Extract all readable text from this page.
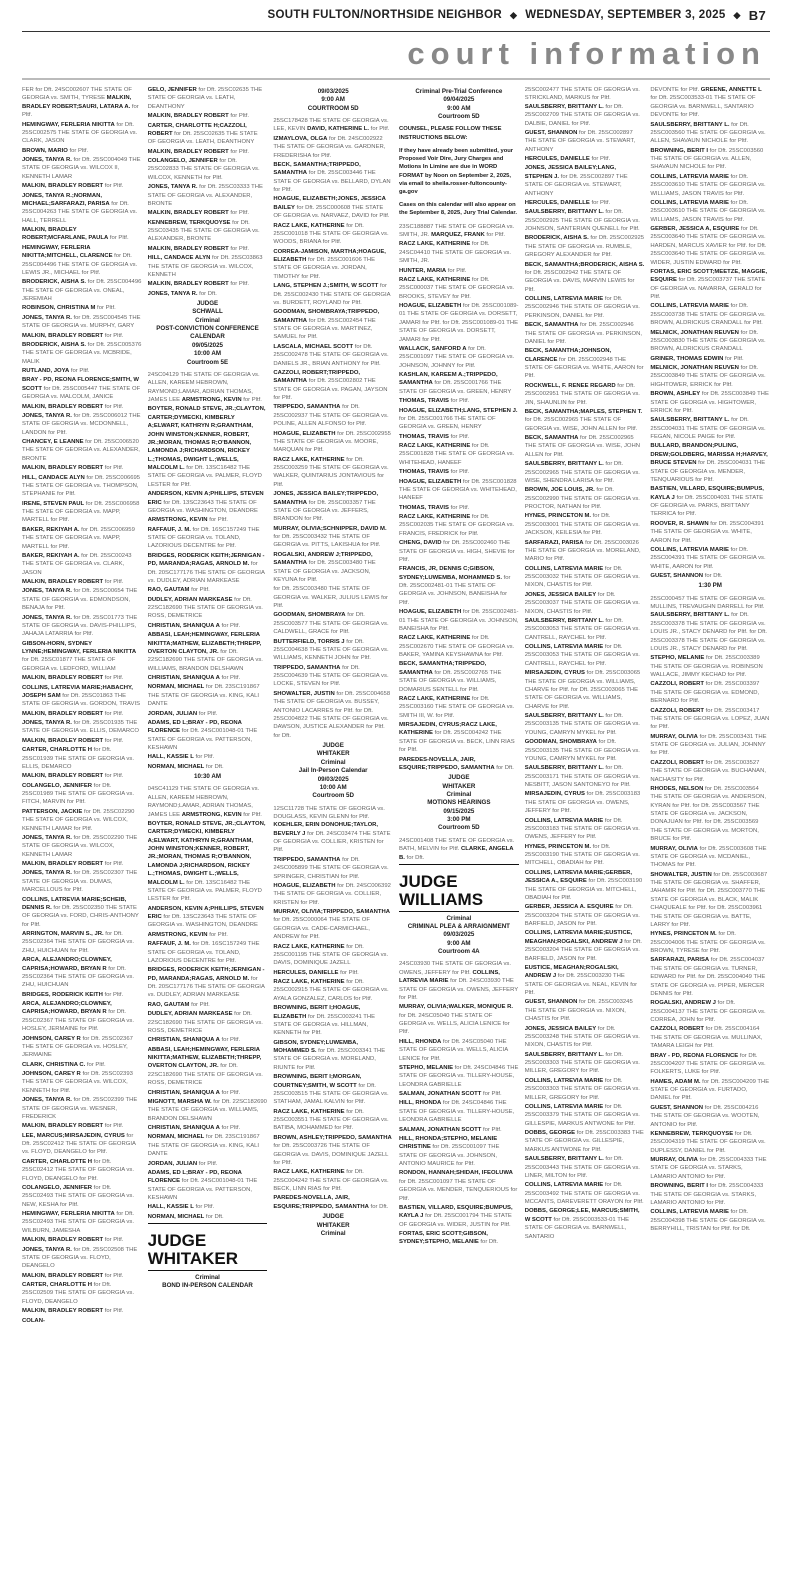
SOUTH FULTON/NORTHSIDE NEIGHBOR ◆ WEDNESDAY, SEPTEMBER 3, 2025 ◆ B7
court information

FER for Dft. 24SC002607 THE STATE OF GEORGIA vs. SMITH, TYRESE MALKIN, BRADLEY ROBERT;SAURI, LATARA A. for Pltf.

HEMINGWAY, FERLERIA NIKITTA for Dft. 25SC002575 THE STATE OF GEORGIA vs. CLARK, JASON

BROWN, MARIO for Pltf.

JONES, TANYA R. for Dft. 25SC004049 THE STATE OF GEORGIA vs. WILCOX II, KENNETH LAMAR

MALKIN, BRADLEY ROBERT for Pltf.

JONES, TANYA R.;NORMAN, MICHAEL;SARFARAZI, PARISA for Dft. 25SC004263 THE STATE OF GEORGIA vs. HALL, TERRELL

MALKIN, BRADLEY ROBERT;MCFARLANE, PAULA for Pltf.

HEMINGWAY, FERLERIA NIKITTA;MITCHELL, CLARENCE for Dft. 25SC004496 THE STATE OF GEORGIA vs. LEWIS JR., MICHAEL for Pltf.

BRODERICK, AISHA S. for Dft. 25SC004496 THE STATE OF GEORGIA vs. ONEAL, JEREMIAH

ROBINSON, CHRISTINA M for Pltf.

JONES, TANYA R. for Dft. 25SC004545 THE STATE OF GEORGIA vs. MURPHY, GARY

MALKIN, BRADLEY ROBERT for Pltf.

BRODERICK, AISHA S. for Dft. 25SC005376 THE STATE OF GEORGIA vs. MCBRIDE, MALIK

RUTLAND, JOYA for Pltf.

BRAY - PD, REONA FLORENCE;SMITH, W SCOTT for Dft. 25SC005447 THE STATE OF GEORGIA vs. MALCOLM, JANICE

MALKIN, BRADLEY ROBERT for Pltf.

JONES, TANYA R. for Dft. 25SC006012 THE STATE OF GEORGIA vs. MCDONNELL, LANDON for Pltf.

CHANCEY, E LEANNE for Dft. 25SC006520 THE STATE OF GEORGIA vs. ALEXANDER, BRONTE

MALKIN, BRADLEY ROBERT for Pltf.

HILL, CANDACE ALYN for Dft. 25SC006695 THE STATE OF GEORGIA vs. THOMPSON, STEPHANIE for Pltf.

IRENE, STEVEN PAUL for Dft. 25SC006958 THE STATE OF GEORGIA vs. MAPP, MARTELL for Pltf.

BAKER, REKIYAH A. for Dft. 25SC006959 THE STATE OF GEORGIA vs. MAPP, MARTELL for Pltf.

BAKER, REKIYAH A. for Dft. 25SC00243 THE STATE OF GEORGIA vs. CLARK, JASON

MALKIN, BRADLEY ROBERT for Pltf.

JONES, TANYA R. for Dft. 25SC00654 THE STATE OF GEORGIA vs. EDMONDSON, BENAJA for Pltf.

JONES, TANYA R. for Dft. 25SC01773 THE STATE OF GEORGIA vs. DAVIS-PHILLIPS, JAHAJA LATARRIA for Pltf.

GIBSON-HORN, SYDNEY LYNNE;HEMINGWAY, FERLERIA NIKITTA for Dft. 25SC01877 THE STATE OF GEORGIA vs. LEDFORD, WILLIAM

MALKIN, BRADLEY ROBERT for Pltf.

COLLINS, LATREVIA MARIE;HABACHY, JOSEPH SAM for Dft. 25SC01863 THE STATE OF GEORGIA vs. GORDON, TRAVIS

MALKIN, BRADLEY ROBERT for Pltf.

JONES, TANYA R. for Dft. 25SC01935 THE STATE OF GEORGIA vs. ELLIS, DEMARCO

MALKIN, BRADLEY ROBERT for Pltf.

CARTER, CHARLOTTE H for Dft. 25SC01939 THE STATE OF GEORGIA vs. ELLIS, DEMARCO

MALKIN, BRADLEY ROBERT for Pltf.

COLANGELO, JENNIFER for Dft. 25SC01989 THE STATE OF GEORGIA vs. FITCH, MARVIN for Pltf.

PATTERSON, JACKIE for Dft. 25SC02290 THE STATE OF GEORGIA vs. WILCOX, KENNETH LAMAR for Pltf.

JONES, TANYA R. for Dft. 25SC02290 THE STATE OF GEORGIA vs. WILCOX, KENNETH LAMAR

MALKIN, BRADLEY ROBERT for Pltf.

JONES, TANYA R. for Dft. 25SC02307 THE STATE OF GEORGIA vs. DUMAS, MARCELLOUS for Pltf.

COLLINS, LATREVIA MARIE;SCHEIB, DENNIS R. for Dft. 25SC02350 THE STATE OF GEORGIA vs. FORD, CHRIS-ANTHONY for Pltf.

ARRINGTON, MARVIN S., JR. for Dft. 25SC02364 THE STATE OF GEORGIA vs. ZHU, HUICHUAN for Pltf.

ARCA, ALEJANDRO;CLOWNEY, CAPRISA;HOWARD, BRYAN R for Dft. 25SC02364 THE STATE OF GEORGIA vs. ZHU, HUICHUAN

BRIDGES, RODERICK KEITH for Pltf.

ARCA, ALEJANDRO;CLOWNEY, CAPRISA;HOWARD, BRYAN R for Dft. 25SC02367 THE STATE OF GEORGIA vs. HOSLEY, JERMAINE for Pltf.

JOHNSON, CAREY R for Dft. 25SC02367 THE STATE OF GEORGIA vs. HOSLEY, JERMAINE

CLARK, CHRISTINA C. for Pltf.

JOHNSON, CAREY R for Dft. 25SC02393 THE STATE OF GEORGIA vs. WILCOX, KENNETH for Pltf.

JONES, TANYA R. for Dft. 25SC02399 THE STATE OF GEORGIA vs. WESNER, FREDERICK

MALKIN, BRADLEY ROBERT for Pltf.

LEE, MARCUS;MIRSAJEDIN, CYRUS for Dft. 25SC02412 THE STATE OF GEORGIA vs. FLOYD, DEANGELO for Pltf.

CARTER, CHARLOTTE H for Dft. 25SC02412 THE STATE OF GEORGIA vs. FLOYD, DEANGELO for Pltf.

COLANGELO, JENNIFER for Dft. 25SC02493 THE STATE OF GEORGIA vs. NEW, KESHA for Pltf.

HEMINGWAY, FERLERIA NIKITTA for Dft. 25SC02493 THE STATE OF GEORGIA vs. WILBURN, JAMESHA

MALKIN, BRADLEY ROBERT for Pltf.

JONES, TANYA R. for Dft. 25SC02508 THE STATE OF GEORGIA vs. FLOYD, DEANGELO

MALKIN, BRADLEY ROBERT for Pltf.

CARTER, CHARLOTTE H for Dft. 25SC02509 THE STATE OF GEORGIA vs. FLOYD, DEANGELO

MALKIN, BRADLEY ROBERT for Pltf.

COLAN-

GELO, JENNIFER for Dft. 25SC02635 THE STATE OF GEORGIA vs. LEATH, DEANTHONY

MALKIN, BRADLEY ROBERT for Pltf.

CARTER, CHARLOTTE H;CAZZOLI, ROBERT for Dft. 25SC02635 THE STATE OF GEORGIA vs. LEATH, DEANTHONY

MALKIN, BRADLEY ROBERT for Pltf.

COLANGELO, JENNIFER for Dft. 25SC02833 THE STATE OF GEORGIA vs. WILCOX, KENNETH for Pltf.

JONES, TANYA R. for Dft. 25SC03333 THE STATE OF GEORGIA vs. ALEXANDER, BRONTE

MALKIN, BRADLEY ROBERT for Pltf.

KENNEBREW, TERKQUOYSE for Dft. 25SC03435 THE STATE OF GEORGIA vs. ALEXANDER, BRONTE

MALKIN, BRADLEY ROBERT for Pltf.

HILL, CANDACE ALYN for Dft. 25SC03863 THE STATE OF GEORGIA vs. WILCOX, KENNETH

MALKIN, BRADLEY ROBERT for Pltf.

JONES, TANYA R. for Dft.

JUDGE
SCHWALL
Criminal
POST-CONVICTION CONFERENCE
CALENDAR
09/05/2025
10:00 AM
Courtroom 5E

24SC04129 THE STATE OF GEORGIA vs. ALLEN, KAREEM HEBROWN, RAYMOND;LAMAR, ADRIAN THOMAS, JAMES LEE ARMSTRONG, KEVIN for Pltf.

BOYTER, RONALD STEVE, JR.;CLAYTON, CARTER;DYMECKI, KIMBERLY A;ELWART, KATHRYN R;GRANTHAM, JOHN WINSTON;KENNER, ROBERT, JR.;MORAN, THOMAS R;O'BANNON, LAMONDA J;RICHARDSON, RICKEY L.;THOMAS, DWIGHT L.;WELLS, MALCOLM L. for Dft. 13SC16482 THE STATE OF GEORGIA vs. PALMER, FLOYD LESTER for Pltf.

ANDERSON, KEVIN A;PHILLIPS, STEVEN ERIC for Dft. 13SC23643 THE STATE OF GEORGIA vs. WASHINGTON, DEANDRE

ARMSTRONG, KEVIN for Pltf.

RAFFAUF, J. M. for Dft. 16SC157249 THE STATE OF GEORGIA vs. TOLAND, LAZORIOUS DECENTRE for Pltf.

BRIDGES, RODERICK KEITH;JERNIGAN - PD, MARANDA;RAGAS, ARNOLD M. for Dft. 20SC177176 THE STATE OF GEORGIA vs. DUDLEY, ADRIAN MARKEASE

RAO, GAUTAM for Pltf.

DUDLEY, ADRIAN MARKEASE for Dft. 22SC182690 THE STATE OF GEORGIA vs. ROSS, DEMETRICE

CHRISTIAN, SHANIQUA A for Pltf.

ABBASI, LEAH;HEMINGWAY, FERLERIA NIKITTA;MATHEW, ELIZABETH;THREPP, OVERTON CLAYTON, JR. for Dft. 22SC182690 THE STATE OF GEORGIA vs. WILLIAMS, BRANDON DELSHAWN

CHRISTIAN, SHANIQUA A for Pltf.

NORMAN, MICHAEL for Dft. 23SC191867 THE STATE OF GEORGIA vs. KING, KALI DANTE

JORDAN, JULIAN for Pltf.

ADAMS, ED L;BRAY - PD, REONA FLORENCE for Dft. 24SC001048-01 THE STATE OF GEORGIA vs. PATTERSON, KESHAWN

HALL, KASSIE L for Pltf.

NORMAN, MICHAEL for Dft.

10:30 AM

04SC41129 THE STATE OF GEORGIA vs. ALLEN, KAREEM HEBROWN, RAYMOND;LAMAR, ADRIAN THOMAS, JAMES LEE ARMSTRONG, KEVIN for Pltf.

BOYTER, RONALD STEVE, JR.;CLAYTON, CARTER;DYMECKI, KIMBERLY A;ELWART, KATHRYN R;GRANTHAM, JOHN WINSTON;KENNER, ROBERT, JR.;MORAN, THOMAS R;O'BANNON, LAMONDA J;RICHARDSON, RICKEY L.;THOMAS, DWIGHT L.;WELLS, MALCOLM L. for Dft. 13SC16482 THE STATE OF GEORGIA vs. PALMER, FLOYD LESTER for Pltf.

ANDERSON, KEVIN A;PHILLIPS, STEVEN ERIC for Dft. 13SC23643 THE STATE OF GEORGIA vs. WASHINGTON, DEANDRE

ARMSTRONG, KEVIN for Pltf.

RAFFAUF, J. M. for Dft. 16SC157249 THE STATE OF GEORGIA vs. TOLAND, LAZORIOUS DECENTRE for Pltf.

BRIDGES, RODERICK KEITH;JERNIGAN - PD, MARANDA;RAGAS, ARNOLD M. for Dft. 20SC177176 THE STATE OF GEORGIA vs. DUDLEY, ADRIAN MARKEASE

RAO, GAUTAM for Pltf.

DUDLEY, ADRIAN MARKEASE for Dft. 22SC182690 THE STATE OF GEORGIA vs. ROSS, DEMETRICE

CHRISTIAN, SHANIQUA A for Pltf.

ABBASI, LEAH;HEMINGWAY, FERLERIA NIKITTA;MATHEW, ELIZABETH;THREPP, OVERTON CLAYTON, JR. for Dft. 22SC182690 THE STATE OF GEORGIA vs. ROSS, DEMETRICE

CHRISTIAN, SHANIQUA A for Pltf.

MIGNOTT, MARSHA W. for Dft. 22SC182690 THE STATE OF GEORGIA vs. WILLIAMS, BRANDON DELSHAWN

CHRISTIAN, SHANIQUA A for Pltf.

NORMAN, MICHAEL for Dft. 23SC191867 THE STATE OF GEORGIA vs. KING, KALI DANTE

JORDAN, JULIAN for Pltf.

ADAMS, ED L;BRAY - PD, REONA FLORENCE for Dft. 24SC001048-01 THE STATE OF GEORGIA vs. PATTERSON, KESHAWN

HALL, KASSIE L for Pltf.

NORMAN, MICHAEL for Dft.

JUDGE
WHITAKER
Criminal
BOND IN-PERSON CALENDAR
09/03/2025
9:00 AM
COURTROOM 5D

25SC178428 THE STATE OF GEORGIA vs. LEE, KEVIN DAVID, KATHERINE L. for Pltf.

IZMAYLOVA, OLGA for Dft. 24SC002922 THE STATE OF GEORGIA vs. GARDNER, FREDERISHA for Pltf.

BECK, SAMANTHA;TRIPPEDO, SAMANTHA for Dft. 25SC003446 THE STATE OF GEORGIA vs. BELLARD, DYLAN for Pltf.

HOAGUE, ELIZABETH;JONES, JESSICA BAILEY for Dft. 25SC000608 THE STATE OF GEORGIA vs. NARVAEZ, DAVID for Pltf.

RACZ LAKE, KATHERINE for Dft. 25SC001018 THE STATE OF GEORGIA vs. WOODS, BRIANA for Pltf.

CORREA-JAMISON, MARTHA;HOAGUE, ELIZABETH for Dft. 25SC001606 THE STATE OF GEORGIA vs. JORDAN, TIMOTHY for Pltf.

LANG, STEPHEN J.;SMITH, W SCOTT for Dft. 25SC002430 THE STATE OF GEORGIA vs. BURDETT, ROYLAND for Pltf.

GOODMAN, SHOMBRAYA;TRIPPEDO, SAMANTHA for Dft. 25SC002454 THE STATE OF GEORGIA vs. MARTINEZ, SAMUEL for Pltf.

LASCALA, MICHAEL SCOTT for Dft. 25SC002478 THE STATE OF GEORGIA vs. DANIELS JR., BRIAN ANTHONY for Pltf.

CAZZOLI, ROBERT;TRIPPEDO, SAMANTHA for Dft. 25SC002802 THE STATE OF GEORGIA vs. PAGAN, JAYSON for Pltf.

TRIPPEDO, SAMANTHA for Dft. 25SC002937 THE STATE OF GEORGIA vs. POLINE, ALLEN ALFONSO for Pltf.

HOAGUE, ELIZABETH for Dft. 25SC002955 THE STATE OF GEORGIA vs. MOORE, MARQUAN for Pltf.

RACZ LAKE, KATHERINE for Dft. 25SC003259 THE STATE OF GEORGIA vs. WALKER, QUINTARIUS JONTAVIOUS for Pltf.

JONES, JESSICA BAILEY;TRIPPEDO, SAMANTHA for Dft. 25SC003357 THE STATE OF GEORGIA vs. JEFFERS, BRANDON for Pltf.

MURRAY, OLIVIA;SCHNIPPER, DAVID M. for Dft. 25SC003432 THE STATE OF GEORGIA vs. PITTS, LAKISHUA for Pltf.

ROGALSKI, ANDREW J;TRIPPEDO, SAMANTHA for Dft. 25SC003480 THE STATE OF GEORGIA vs. JACKSON, KEYUNA for Pltf.

for Dft. 25SC003480 THE STATE OF GEORGIA vs. WALKER, JULIUS LEWIS for Pltf.

GOODMAN, SHOMBRAYA for Dft. 25SC003577 THE STATE OF GEORGIA vs. CALDWELL, GRACE for Pltf.

BUTTERFIELD, TORRIS J for Dft. 25SC004638 THE STATE OF GEORGIA vs. WILLIAMS, KENNETH JOHN for Pltf.

TRIPPEDO, SAMANTHA for Dft. 25SC004639 THE STATE OF GEORGIA vs. LOCKE, STEVEN for Pltf.

SHOWALTER, JUSTIN for Dft. 25SC004658 THE STATE OF GEORGIA vs. BUSSEY, ANTONIO LACARRES for Pltf. for Dft. 25SC004822 THE STATE OF GEORGIA vs. DAWSON, JUSTICE ALEXANDER for Pltf. for Dft.

JUDGE
WHITAKER
Criminal
Jail In-Person Calendar
09/03/2025
10:00 AM
Courtroom 5D

12SC11728 THE STATE OF GEORGIA vs. DOUGLASS, KEVIN GLENN for Pltf. KOEHLER, ERIN DONOHUE;TAYLOR, BEVERLY J for Dft. 24SC03474 THE STATE OF GEORGIA vs. COLLIER, KRISTEN for Pltf.

TRIPPEDO, SAMANTHA for Dft. 24SC005899 THE STATE OF GEORGIA vs. SPRINGER, CHRISTIAN for Pltf.

HOAGUE, ELIZABETH for Dft. 24SC006392 THE STATE OF GEORGIA vs. COLLIER, KRISTEN for Pltf.

MURRAY, OLIVIA;TRIPPEDO, SAMANTHA for Dft. 25SC000064 THE STATE OF GEORGIA vs. CADE-CARMICHAEL, ANDREW for Pltf.

RACZ LAKE, KATHERINE for Dft. 25SC001195 THE STATE OF GEORGIA vs. DAVIS, DOMINIQUE JAZELL

HERCULES, DANIELLE for Pltf.

RACZ LAKE, KATHERINE for Dft. 25SC002915 THE STATE OF GEORGIA vs. AYALA GONZALEZ, CARLOS for Pltf.

BROWNING, BERIT I;HOAGUE, ELIZABETH for Dft. 25SC003241 THE STATE OF GEORGIA vs. HILLMAN, KENNETH for Pltf.

GIBSON, SYDNEY;LUWEMBA, MOHAMMED S. for Dft. 25SC003341 THE STATE OF GEORGIA vs. MORELAND, RIUNTE for Pltf.

BROWNING, BERIT I;MORGAN, COURTNEY;SMITH, W SCOTT for Dft. 25SC003515 THE STATE OF GEORGIA vs. STATHAM, JAMAL KALVIN for Pltf.

RACZ LAKE, KATHERINE for Dft. 25SC003551 THE STATE OF GEORGIA vs. BATIBA, MOHAMMED for Pltf.

BROWN, ASHLEY;TRIPPEDO, SAMANTHA for Dft. 25SC003726 THE STATE OF GEORGIA vs. DAVIS, DOMINIQUE JAZELL for Pltf.

RACZ LAKE, KATHERINE for Dft. 25SC004242 THE STATE OF GEORGIA vs. BECK, LINN RIAS for Pltf.

PAREDES-NOVELLA, JAIR, ESQUIRE;TRIPPEDO, SAMANTHA for Dft.

JUDGE
WHITAKER
Criminal
Criminal Pre-Trial Conference
09/04/2025
9:00 AM
Courtroom 5D
COUNSEL, PLEASE FOLLOW THESE INSTRUCTIONS BELOW:
If they have already been submitted, your Proposed Voir Dire, Jury Charges and Motions In Limine are due in WORD FORMAT by Noon on September 2, 2025, via email to sheila.rosser-fultoncounty-ga.gov
Cases on this calendar will also appear on the September 8, 2025, Jury Trial Calendar.

23SC188887 THE STATE OF GEORGIA vs. SMITH, JR. MARQUEZ, FRANK for Pltf.

RACZ LAKE, KATHERINE for Dft. 24SC04410 THE STATE OF GEORGIA vs. SMITH, JR.

HUNTER, MARIA for Pltf.

RACZ LAKE, KATHERINE for Dft. 25SC000037 THE STATE OF GEORGIA vs. BROOKS, STEVEY for Pltf.

HOAGUE, ELIZABETH for Dft. 25SC001089-01 THE STATE OF GEORGIA vs. DORSETT, JAMARI for Pltf. for Dft. 25SC001089-01 THE STATE OF GEORGIA vs. DORSETT, JAMARI for Pltf.

WALLACK, SANFORD A for Dft. 25SC001097 THE STATE OF GEORGIA vs. JOHNSON, JOHNNY for Pltf.

KASHLAN, KAREEM A.;TRIPPEDO, SAMANTHA for Dft. 25SC001766 THE STATE OF GEORGIA vs. GREEN, HENRY

THOMAS, TRAVIS for Pltf.

HOAGUE, ELIZABETH;LANG, STEPHEN J. for Dft. 25SC001766 THE STATE OF GEORGIA vs. GREEN, HENRY

THOMAS, TRAVIS for Pltf.

RACZ LAKE, KATHERINE for Dft. 25SC001828 THE STATE OF GEORGIA vs. WHITEHEAD, HANEEF

THOMAS, TRAVIS for Pltf.

HOAGUE, ELIZABETH for Dft. 25SC001828 THE STATE OF GEORGIA vs. WHITEHEAD, HANEEF

THOMAS, TRAVIS for Pltf.

RACZ LAKE, KATHERINE for Dft. 25SC002035 THE STATE OF GEORGIA vs. FRANCIS, FREDRICK for Pltf.

CHENG, DAVID for Dft. 25SC002460 THE STATE OF GEORGIA vs. HIGH, SHEVIE for Pltf.

FRANCIS, JR, DENNIS C;GIBSON, SYDNEY;LUWEMBA, MOHAMMED S. for Dft. 25SC002481-01 THE STATE OF GEORGIA vs. JOHNSON, BANEISHA for Pltf.

HOAGUE, ELIZABETH for Dft. 25SC002481-01 THE STATE OF GEORGIA vs. JOHNSON, BANEISHA for Pltf.

RACZ LAKE, KATHERINE for Dft. 25SC002670 THE STATE OF GEORGIA vs. BAKER, YAMINA KEYSHAWNA for Pltf.

BECK, SAMANTHA;TRIPPEDO, SAMANTHA for Dft. 25SC002765 THE STATE OF GEORGIA vs. WILLIAMS, DOMARIUS SENTELL for Pltf.

RACZ LAKE, KATHERINE for Dft. 25SC003160 THE STATE OF GEORGIA vs. SMITH III, W. for Pltf.

MIRSAJEDIN, CYRUS;RACZ LAKE, KATHERINE for Dft. 25SC004242 THE STATE OF GEORGIA vs. BECK, LINN RIAS for Pltf.

PAREDES-NOVELLA, JAIR, ESQUIRE;TRIPPEDO, SAMANTHA for Dft.

JUDGE
WHITAKER
Criminal
MOTIONS HEARINGS
09/15/2025
3:00 PM
Courtroom 5D

24SC001408 THE STATE OF GEORGIA vs. BATH, MELVIN for Pltf. CLARKE, ANGELA B. for Dft.

JUDGE
WILLIAMS
Criminal
CRIMINAL PLEA & ARRAIGNMENT
09/03/2025
9:00 AM
Courtroom 4A

24SC03930 THE STATE OF GEORGIA vs. OWENS, JEFFERY for Pltf. COLLINS, LATREVIA MARIE for Dft. 24SC03930 THE STATE OF GEORGIA vs. OWENS, JEFFERY for Pltf.

MURRAY, OLIVIA;WALKER, MONIQUE R. for Dft. 24SC05040 THE STATE OF GEORGIA vs. WELLS, ALICIA LENICE for Pltf.

HILL, RHONDA for Dft. 24SC05040 THE STATE OF GEORGIA vs. WELLS, ALICIA LENICE for Pltf.

STEPHO, MELANIE for Dft. 24SC04846 THE STATE OF GEORGIA vs. TILLERY-HOUSE, LEONDRA GABRIELLE

SALMAN, JONATHAN SCOTT for Pltf.

HILL, RHONDA for Dft. 24SC04846 THE STATE OF GEORGIA vs. TILLERY-HOUSE, LEONDRA GABRIELLE

SALMAN, JONATHAN SCOTT for Pltf.

HILL, RHONDA;STEPHO, MELANIE CHRISTINE for Dft. 25SC001097 THE STATE OF GEORGIA vs. JOHNSON, ANTONIO MAURICE for Pltf.

RONDON, HANNAH;SHIDAH, IFEOLUWA for Dft. 25SC001097 THE STATE OF GEORGIA vs. MENDER, TENQUERIOUS for Pltf.

BASTIEN, VILLARD, ESQUIRE;BUMPUS, KAYLA J for Dft. 25SC001794 THE STATE OF GEORGIA vs. WIDER, JUSTIN for Pltf.

FORTAS, ERIC SCOTT;GIBSON, SYDNEY;STEPHO, MELANIE for Dft.

25SC002477 THE STATE OF GEORGIA vs. STRICKLAND, MARKUS for Pltf. SAULSBERRY, BRITTANY L. for Dft. 25SC002709 THE STATE OF GEORGIA vs. DALBIE, DANIEL for Pltf.

GUEST, SHANNON for Dft. 25SC002897 THE STATE OF GEORGIA vs. STEWART, ANTHONY

HERCULES, DANIELLE for Pltf.

JONES, JESSICA BAILEY;LANG, STEPHEN J. for Dft. 25SC002897 THE STATE OF GEORGIA vs. STEWART, ANTHONY

HERCULES, DANIELLE for Pltf.

SAULSBERRY, BRITTANY L. for Dft. 25SC002925 THE STATE OF GEORGIA vs. JOHNSON, SANTERIAN QUENELL for Pltf.

BRODERICK, AISHA S. for Dft. 25SC002925 THE STATE OF GEORGIA vs. RUMBLE, GREGORY ALEXANDER for Pltf.

BECK, SAMANTHA;BRODERICK, AISHA S. for Dft. 25SC002942 THE STATE OF GEORGIA vs. DAVIS, MARVIN LEWIS for Pltf.

COLLINS, LATREVIA MARIE for Dft. 25SC002946 THE STATE OF GEORGIA vs. PERKINSON, DANIEL for Pltf.

BECK, SAMANTHA for Dft. 25SC002946 THE STATE OF GEORGIA vs. PERKINSON, DANIEL for Pltf.

BECK, SAMANTHA;JOHNSON, CLARENCE for Dft. 25SC002948 THE STATE OF GEORGIA vs. WHITE, AARON for Pltf.

ROCKWELL, F. RENEE REGARD for Dft. 25SC002951 THE STATE OF GEORGIA vs. JIN, SHAUNLIN for Pltf.

BECK, SAMANTHA;MAPLES, STEPHEN T. for Dft. 25SC002965 THE STATE OF GEORGIA vs. WISE, JOHN ALLEN for Pltf.

BECK, SAMANTHA for Dft. 25SC002965 THE STATE OF GEORGIA vs. WISE, JOHN ALLEN for Pltf.

SAULSBERRY, BRITTANY L. for Dft. 25SC002965 THE STATE OF GEORGIA vs. WISE, SHENDRA LARISA for Pltf.

BROWN, JOE LOUIS, JR. for Dft. 25SC002990 THE STATE OF GEORGIA vs. PROCTOR, NATHAN for Pltf.

HYNES, PRINCETON M. for Dft. 25SC003001 THE STATE OF GEORGIA vs. JACKSON, KEILESIA for Pltf.

SARFARAZI, PARISA for Dft. 25SC003026 THE STATE OF GEORGIA vs. MORELAND, MARIO for Pltf.

COLLINS, LATREVIA MARIE for Dft. 25SC003032 THE STATE OF GEORGIA vs. NIXON, CHASTIS for Pltf.

JONES, JESSICA BAILEY for Dft. 25SC003037 THE STATE OF GEORGIA vs. NIXON, CHASTIS for Pltf.

SAULSBERRY, BRITTANY L. for Dft. 25SC003053 THE STATE OF GEORGIA vs. CANTRELL, RAYCHEL for Pltf.

COLLINS, LATREVIA MARIE for Dft. 25SC003053 THE STATE OF GEORGIA vs. CANTRELL, RAYCHEL for Pltf.

MIRSAJEDIN, CYRUS for Dft. 25SC003065 THE STATE OF GEORGIA vs. WILLIAMS, CHARVE for Pltf. for Dft. 25SC003065 THE STATE OF GEORGIA vs. WILLIAMS, CHARVE for Pltf.

SAULSBERRY, BRITTANY L. for Dft. 25SC003135 THE STATE OF GEORGIA vs. YOUNG, CAMRYN MYKEL for Pltf.

GOODMAN, SHOMBRAYA for Dft. 25SC003135 THE STATE OF GEORGIA vs. YOUNG, CAMRYN MYKEL for Pltf.

SAULSBERRY, BRITTANY L. for Dft. 25SC003171 THE STATE OF GEORGIA vs. NESBITT, JASON SANTONEYO for Pltf.

MIRSAJEDIN, CYRUS for Dft. 25SC003183 THE STATE OF GEORGIA vs. OWENS, JEFFERY for Pltf.

COLLINS, LATREVIA MARIE for Dft. 25SC003183 THE STATE OF GEORGIA vs. OWENS, JEFFERY for Pltf.

HYNES, PRINCETON M. for Dft. 25SC003190 THE STATE OF GEORGIA vs. MITCHELL, OBADIAH for Pltf.

COLLINS, LATREVIA MARIE;GERBER, JESSICA A., ESQUIRE for Dft. 25SC003190 THE STATE OF GEORGIA vs. MITCHELL, OBADIAH for Pltf.

GERBER, JESSICA A. ESQUIRE for Dft. 25SC003204 THE STATE OF GEORGIA vs. BARFIELD, JASON for Pltf.

COLLINS, LATREVIA MARIE;EUSTICE, MEAGHAN;ROGALSKI, ANDREW J for Dft. 25SC003204 THE STATE OF GEORGIA vs. BARFIELD, JASON for Pltf.

EUSTICE, MEAGHAN;ROGALSKI, ANDREW J for Dft. 25SC003230 THE STATE OF GEORGIA vs. NEAL, KEVIN for Pltf.

GUEST, SHANNON for Dft. 25SC003245 THE STATE OF GEORGIA vs. NIXON, CHASTIS for Pltf.

JONES, JESSICA BAILEY for Dft. 25SC003248 THE STATE OF GEORGIA vs. NIXON, CHASTIS for Pltf.

SAULSBERRY, BRITTANY L. for Dft. 25SC003303 THE STATE OF GEORGIA vs. MILLER, GREGORY for Pltf.

COLLINS, LATREVIA MARIE for Dft. 25SC003303 THE STATE OF GEORGIA vs. MILLER, GREGORY for Pltf.

COLLINS, LATREVIA MARIE for Dft. 25SC003379 THE STATE OF GEORGIA vs. GILLESPIE, MARKUS ANTWONE for Pltf.

DOBBS, GEORGE for Dft. 25SC003383 THE STATE OF GEORGIA vs. GILLESPIE, MARKUS ANTWONE for Pltf.

SAULSBERRY, BRITTANY L. for Dft. 25SC003443 THE STATE OF GEORGIA vs. LINER, MILTON for Pltf.

COLLINS, LATREVIA MARIE for Dft. 25SC003492 THE STATE OF GEORGIA vs. MCCANTS, DAREVERETT ORAYON for Pltf.

DOBBS, GEORGE;LEE, MARCUS;SMITH, W SCOTT for Dft. 25SC003533-01 THE STATE OF GEORGIA vs. BARNWELL, SANTARIO

DEVONTE for Pltf. GREENE, ANNETTE L for Dft. 25SC003533-01 THE STATE OF GEORGIA vs. BARNWELL, SANTARIO DEVONTE for Pltf.

SAULSBERRY, BRITTANY L. for Dft. 25SC003560 THE STATE OF GEORGIA vs. ALLEN, SHAVAUN NICHOLE for Pltf.

BROWNING, BERIT I for Dft. 25SC003560 THE STATE OF GEORGIA vs. ALLEN, SHAVAUN NICHOLE for Pltf.

COLLINS, LATREVIA MARIE for Dft. 25SC003610 THE STATE OF GEORGIA vs. WILLIAMS, JASON TRAVIS for Pltf.

COLLINS, LATREVIA MARIE for Dft. 25SC003610 THE STATE OF GEORGIA vs. WILLIAMS, JASON TRAVIS for Pltf.

GERBER, JESSICA A, ESQUIRE for Dft. 25SC003640 THE STATE OF GEORGIA vs. HARDEN, MARCUS XAVIER for Pltf. for Dft. 25SC003640 THE STATE OF GEORGIA vs. WIDER, JUSTIN EDWARD for Pltf.

FORTAS, ERIC SCOTT;MEETZE, MAGGIE, ESQUIRE for Dft. 25SC003737 THE STATE OF GEORGIA vs. NAVARRA, GERALD for Pltf.

COLLINS, LATREVIA MARIE for Dft. 25SC003738 THE STATE OF GEORGIA vs. BROWN, ALDRICKUS CRANDALL for Pltf.

MELNICK, JONATHAN REUVEN for Dft. 25SC003830 THE STATE OF GEORGIA vs. BROWN, ALDRICKUS CRANDALL

GRINER, THOMAS EDWIN for Pltf.

MELNICK, JONATHAN REUVEN for Dft. 25SC003849 THE STATE OF GEORGIA vs. HIGHTOWER, ERRICK for Pltf.

BROWN, ASHLEY for Dft. 25SC003849 THE STATE OF GEORGIA vs. HIGHTOWER, ERRICK for Pltf.

SAULSBERRY, BRITTANY L. for Dft. 25SC004031 THE STATE OF GEORGIA vs. FEGAN, NICOLE PAIGE for Pltf.

BULLARD, BRANDON;PULING, DREW;GOLDBERG, MARISSA H;HARVEY, BRUCE STEVEN for Dft. 25SC004031 THE STATE OF GEORGIA vs. MENDER, TENQUARIOUS for Pltf.

BASTIEN, VILLARD, ESQUIRE;BUMPUS, KAYLA J for Dft. 25SC004031 THE STATE OF GEORGIA vs. PARKS, BRITTANY TERRICA for Pltf.

ROOVER, R. SHAWN for Dft. 25SC004391 THE STATE OF GEORGIA vs. WHITE, AARON for Pltf.

COLLINS, LATREVIA MARIE for Dft. 25SC004391 THE STATE OF GEORGIA vs. WHITE, AARON for Pltf.

GUEST, SHANNON for Dft.

1:30 PM

25SC000457 THE STATE OF GEORGIA vs. MULLINS, TREVAUGHN DARRELL for Pltf. SAULSBERRY, BRITTANY L. for Dft. 25SC003378 THE STATE OF GEORGIA vs. LOUIS JR., STACY DENARD for Pltf. for Dft. 25SC003378 THE STATE OF GEORGIA vs. LOUIS JR., STACY DENARD for Pltf.

STEPHO, MELANIE for Dft. 25SC003389 THE STATE OF GEORGIA vs. ROBINSON WALLACE, JIMMY KECHAD for Pltf.

CAZZOLI, ROBERT for Dft. 25SC003397 THE STATE OF GEORGIA vs. EDMOND, BERNARD for Pltf.

CAZZOLI, ROBERT for Dft. 25SC003417 THE STATE OF GEORGIA vs. LOPEZ, JUAN for Pltf.

MURRAY, OLIVIA for Dft. 25SC003431 THE STATE OF GEORGIA vs. JULIAN, JOHNNY for Pltf.

CAZZOLI, ROBERT for Dft. 25SC003527 THE STATE OF GEORGIA vs. BUCHANAN, NACHASITY for Pltf.

RHODES, NELSON for Dft. 25SC003564 THE STATE OF GEORGIA vs. ANDERSON, KYRAN for Pltf. for Dft. 25SC003567 THE STATE OF GEORGIA vs. JACKSON, DONAJUAN for Pltf. for Dft. 25SC003569 THE STATE OF GEORGIA vs. MORTON, BRUCE for Pltf.

MURRAY, OLIVIA for Dft. 25SC003608 THE STATE OF GEORGIA vs. MCDANIEL, THOMAS for Pltf.

SHOWALTER, JUSTIN for Dft. 25SC003687 THE STATE OF GEORGIA vs. SHAFFER, JAHAMIR for Pltf. for Dft. 25SC003770 THE STATE OF GEORGIA vs. BLACK, MALIK CHAQUEALE for Pltf. for Dft. 25SC003961 THE STATE OF GEORGIA vs. BATTE, LARRY for Pltf.

HYNES, PRINCETON M. for Dft. 25SC004006 THE STATE OF GEORGIA vs. BROWN, TYRESE for Pltf.

SARFARAZI, PARISA for Dft. 25SC004037 THE STATE OF GEORGIA vs. TURNER, EDWARD for Pltf. for Dft. 25SC004049 THE STATE OF GEORGIA vs. PIPER, MERCER DENNIS for Pltf.

ROGALSKI, ANDREW J for Dft. 25SC004137 THE STATE OF GEORGIA vs. CORREA, JOHN for Pltf.

CAZZOLI, ROBERT for Dft. 25SC004164 THE STATE OF GEORGIA vs. MULLINAX, TAMARA LEIGH for Pltf.

BRAY - PD, REONA FLORENCE for Dft. 25SC004207 THE STATE OF GEORGIA vs. FOLKERTS, LUKE for Pltf.

HAMES, ADAM M. for Dft. 25SC004209 THE STATE OF GEORGIA vs. FURTADO, DANIEL for Pltf.

GUEST, SHANNON for Dft. 25SC004216 THE STATE OF GEORGIA vs. WOOTEN, ANTONIO for Pltf.

KENNEBREW, TERKQUOYSE for Dft. 25SC004319 THE STATE OF GEORGIA vs. DUPLESSY, DANIEL for Pltf.

MURRAY, OLIVIA for Dft. 25SC004333 THE STATE OF GEORGIA vs. STARKS, LAMARIO ANTONIO for Pltf.

BROWNING, BERIT I for Dft. 25SC004333 THE STATE OF GEORGIA vs. STARKS, LAMARIO ANTONIO for Pltf.

COLLINS, LATREVIA MARIE for Dft. 25SC004398 THE STATE OF GEORGIA vs. BERRYHILL, TRISTAN for Pltf. for Dft.
